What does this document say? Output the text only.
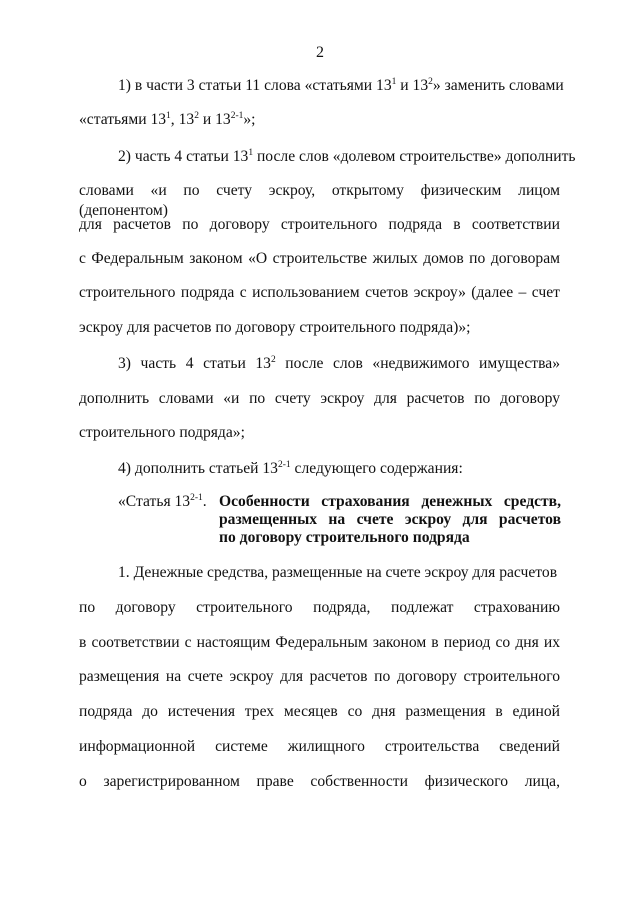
2
1) в части 3 статьи 11 слова «статьями $13^1$ и $13^2$» заменить словами
«статьями $13^1$, $13^2$ и 13$^{2-1}$»;
2) часть 4 статьи $13^1$ после слов «долевом строительстве» дополнить
словами «и по счету эскроу, открытому физическим лицом (депонентом)
для расчетов по договору строительного подряда в соответствии
с Федеральным законом «О строительстве жилых домов по договорам
строительного подряда с использованием счетов эскроу» (далее – счет
эскроу для расчетов по договору строительного подряда)»;
3) часть 4 статьи $13^2$ после слов «недвижимого имущества»
дополнить словами «и по счету эскроу для расчетов по договору
строительного подряда»;
4) дополнить статьей 13$^{2-1}$ следующего содержания:
«Статья 13$^{2-1}$. Особенности страхования денежных средств,
размещенных на счете эскроу для расчетов
по договору строительного подряда
1. Денежные средства, размещенные на счете эскроу для расчетов
по договору строительного подряда, подлежат страхованию
в соответствии с настоящим Федеральным законом в период со дня их
размещения на счете эскроу для расчетов по договору строительного
подряда до истечения трех месяцев со дня размещения в единой
информационной системе жилищного строительства сведений
о зарегистрированном праве собственности физического лица,
